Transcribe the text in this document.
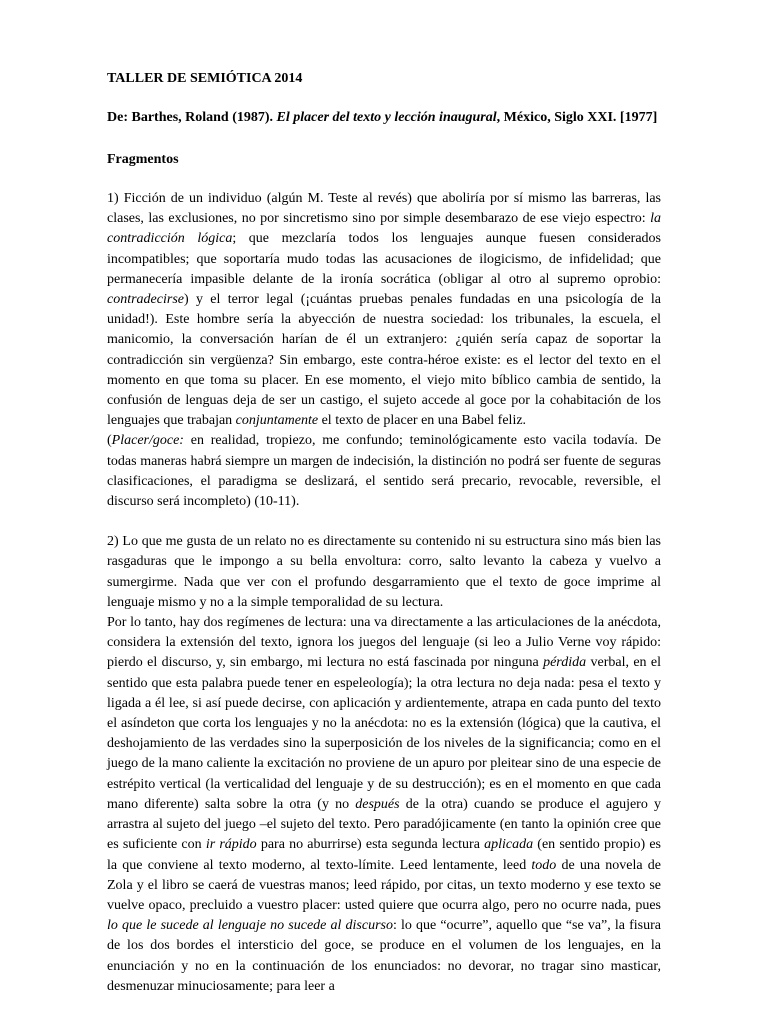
TALLER DE SEMIÓTICA 2014

De: Barthes, Roland (1987). El placer del texto y lección inaugural, México, Siglo XXI. [1977]

Fragmentos

1) Ficción de un individuo (algún M. Teste al revés) que aboliría por sí mismo las barreras, las clases, las exclusiones, no por sincretismo sino por simple desembarazo de ese viejo espectro: la contradicción lógica; que mezclaría todos los lenguajes aunque fuesen considerados incompatibles; que soportaría mudo todas las acusaciones de ilogicismo, de infidelidad; que permanecería impasible delante de la ironía socrática (obligar al otro al supremo oprobio: contradecirse) y el terror legal (¡cuántas pruebas penales fundadas en una psicología de la unidad!). Este hombre sería la abyección de nuestra sociedad: los tribunales, la escuela, el manicomio, la conversación harían de él un extranjero: ¿quién sería capaz de soportar la contradicción sin vergüenza? Sin embargo, este contra-héroe existe: es el lector del texto en el momento en que toma su placer. En ese momento, el viejo mito bíblico cambia de sentido, la confusión de lenguas deja de ser un castigo, el sujeto accede al goce por la cohabitación de los lenguajes que trabajan conjuntamente el texto de placer en una Babel feliz.

(Placer/goce: en realidad, tropiezo, me confundo; teminológicamente esto vacila todavía. De todas maneras habrá siempre un margen de indecisión, la distinción no podrá ser fuente de seguras clasificaciones, el paradigma se deslizará, el sentido será precario, revocable, reversible, el discurso será incompleto) (10-11).

2) Lo que me gusta de un relato no es directamente su contenido ni su estructura sino más bien las rasgaduras que le impongo a su bella envoltura: corro, salto levanto la cabeza y vuelvo a sumergirme. Nada que ver con el profundo desgarramiento que el texto de goce imprime al lenguaje mismo y no a la simple temporalidad de su lectura.

Por lo tanto, hay dos regímenes de lectura: una va directamente a las articulaciones de la anécdota, considera la extensión del texto, ignora los juegos del lenguaje (si leo a Julio Verne voy rápido: pierdo el discurso, y, sin embargo, mi lectura no está fascinada por ninguna pérdida verbal, en el sentido que esta palabra puede tener en espeleología); la otra lectura no deja nada: pesa el texto y ligada a él lee, si así puede decirse, con aplicación y ardientemente, atrapa en cada punto del texto el asíndeton que corta los lenguajes y no la anécdota: no es la extensión (lógica) que la cautiva, el deshojamiento de las verdades sino la superposición de los niveles de la significancia; como en el juego de la mano caliente la excitación no proviene de un apuro por pleitear sino de una especie de estrépito vertical (la verticalidad del lenguaje y de su destrucción); es en el momento en que cada mano diferente) salta sobre la otra (y no después de la otra) cuando se produce el agujero y arrastra al sujeto del juego –el sujeto del texto. Pero paradójicamente (en tanto la opinión cree que es suficiente con ir rápido para no aburrirse) esta segunda lectura aplicada (en sentido propio) es la que conviene al texto moderno, al texto-límite. Leed lentamente, leed todo de una novela de Zola y el libro se caerá de vuestras manos; leed rápido, por citas, un texto moderno y ese texto se vuelve opaco, precluido a vuestro placer: usted quiere que ocurra algo, pero no ocurre nada, pues lo que le sucede al lenguaje no sucede al discurso: lo que “ocurre”, aquello que “se va”, la fisura de los dos bordes el intersticio del goce, se produce en el volumen de los lenguajes, en la enunciación y no en la continuación de los enunciados: no devorar, no tragar sino masticar, desmenuzar minuciosamente; para leer a
